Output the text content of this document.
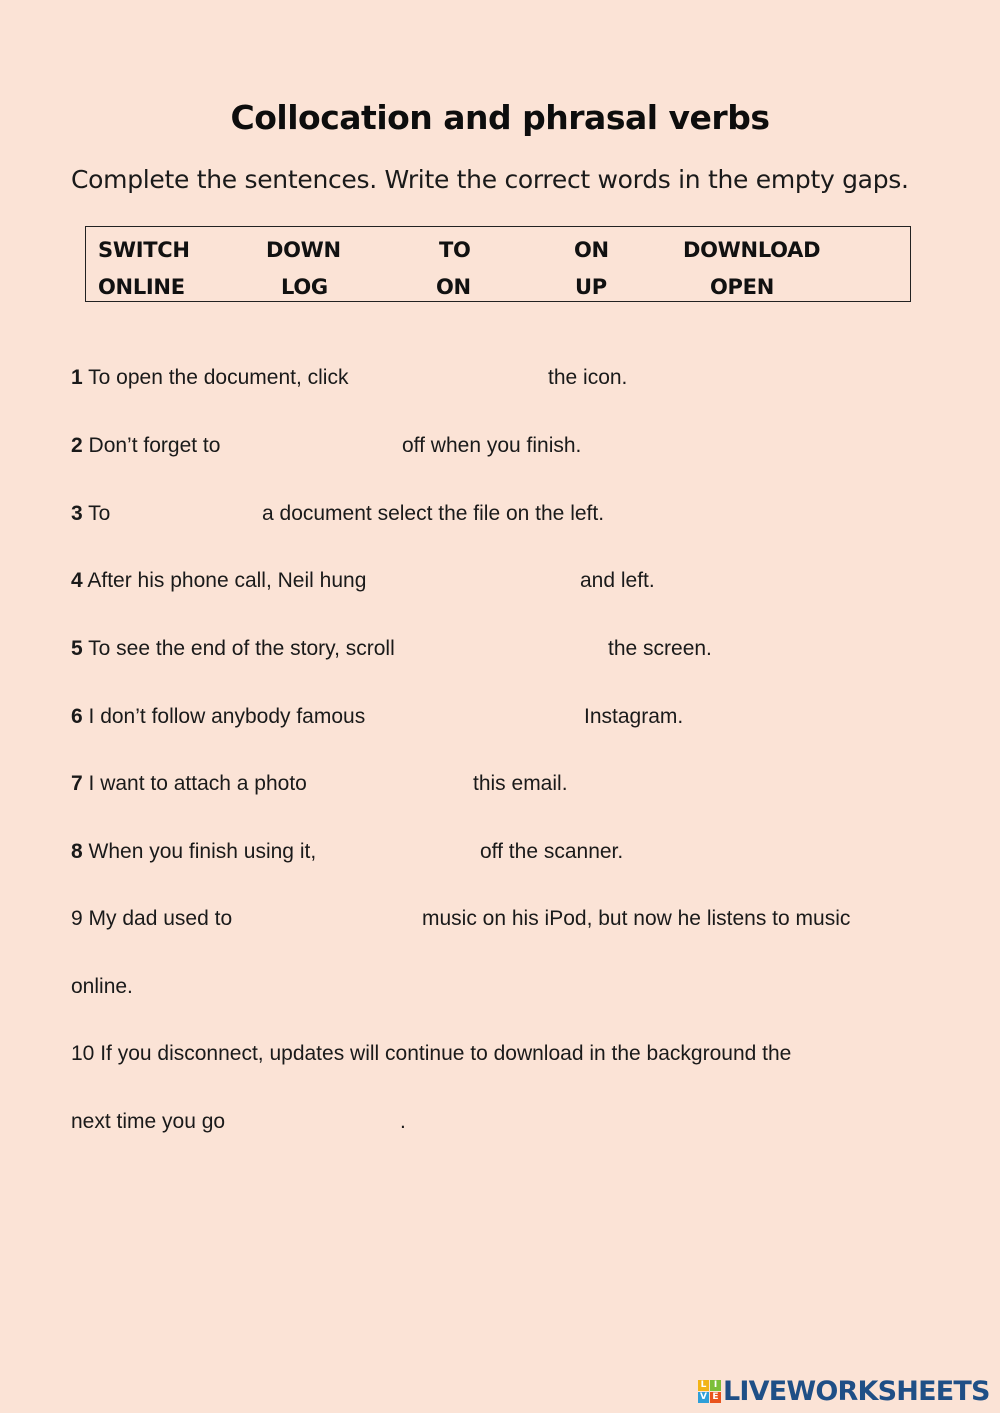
Collocation and phrasal verbs
Complete the sentences. Write the correct words in the empty gaps.
SWITCH	DOWN	TO	ON	DOWNLOAD
ONLINE	LOG	ON	UP	OPEN
1 To open the document, click	the icon.
2 Don’t forget to	off when you finish.
3 To	a document select the file on the left.
4 After his phone call, Neil hung	and left.
5 To see the end of the story, scroll	the screen.
6 I don’t follow anybody famous	Instagram.
7 I want to attach a photo	this email.
8 When you finish using it,	off the scanner.
9 My dad used to	music on his iPod, but now he listens to music
online.
10 If you disconnect, updates will continue to download in the background the
next time you go	.
L I
V E LIVEWORKSHEETS
